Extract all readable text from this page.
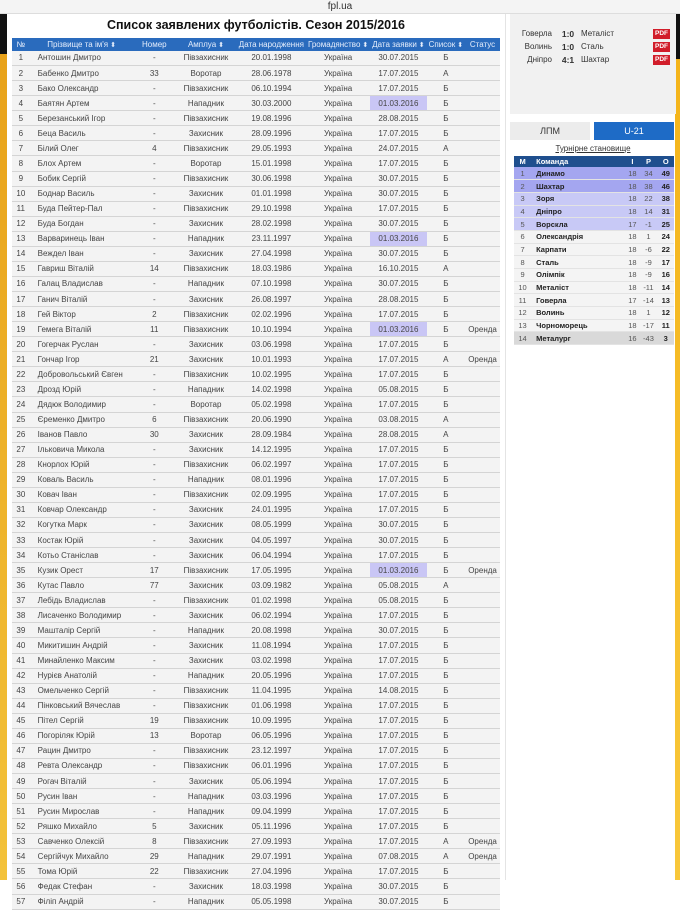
fpl.ua
Список заявлених футболістів. Сезон 2015/2016
№	Прізвище та ім'я ⬍	Номер	Амплуа ⬍	Дата народження	Громадянство ⬍	Дата заявки ⬍	Список ⬍	Статус
1	Антошин Дмитро	-	Півзахисник	20.01.1998	Україна	30.07.2015	Б	
2	Бабенко Дмитро	33	Воротар	28.06.1978	Україна	17.07.2015	А	
3	Бако Олександр	-	Півзахисник	06.10.1994	Україна	17.07.2015	Б	
4	Баятян Артем	-	Нападник	30.03.2000	Україна	01.03.2016	Б	
5	Березанський Ігор	-	Півзахисник	19.08.1996	Україна	28.08.2015	Б	
6	Беца Василь	-	Захисник	28.09.1996	Україна	17.07.2015	Б	
7	Білий Олег	4	Півзахисник	29.05.1993	Україна	24.07.2015	А	
8	Блох Артем	-	Воротар	15.01.1998	Україна	17.07.2015	Б	
9	Бобик Сергій	-	Півзахисник	30.06.1998	Україна	30.07.2015	Б	
10	Боднар Василь	-	Захисник	01.01.1998	Україна	30.07.2015	Б	
11	Буда Пейтер-Пал	-	Півзахисник	29.10.1998	Україна	17.07.2015	Б	
12	Буда Богдан	-	Захисник	28.02.1998	Україна	30.07.2015	Б	
13	Варваринець Іван	-	Нападник	23.11.1997	Україна	01.03.2016	Б	
14	Веждел Іван	-	Захисник	27.04.1998	Україна	30.07.2015	Б	
15	Гавриш Віталій	14	Півзахисник	18.03.1986	Україна	16.10.2015	А	
16	Галац Владислав	-	Нападник	07.10.1998	Україна	30.07.2015	Б	
17	Ганич Віталій	-	Захисник	26.08.1997	Україна	28.08.2015	Б	
18	Гей Віктор	2	Півзахисник	02.02.1996	Україна	17.07.2015	Б	
19	Гемега Віталій	11	Півзахисник	10.10.1994	Україна	01.03.2016	Б	Оренда
20	Гогерчак Руслан	-	Захисник	03.06.1998	Україна	17.07.2015	Б	
21	Гончар Ігор	21	Захисник	10.01.1993	Україна	17.07.2015	А	Оренда
22	Добровольський Євген	-	Півзахисник	10.02.1995	Україна	17.07.2015	Б	
23	Дрозд Юрій	-	Нападник	14.02.1998	Україна	05.08.2015	Б	
24	Дядюк Володимир	-	Воротар	05.02.1998	Україна	17.07.2015	Б	
25	Єременко Дмитро	6	Півзахисник	20.06.1990	Україна	03.08.2015	А	
26	Іванов Павло	30	Захисник	28.09.1984	Україна	28.08.2015	А	
27	Ільковича Микола	-	Захисник	14.12.1995	Україна	17.07.2015	Б	
28	Кнорлох Юрій	-	Півзахисник	06.02.1997	Україна	17.07.2015	Б	
29	Коваль Василь	-	Нападник	08.01.1996	Україна	17.07.2015	Б	
30	Ковач Іван	-	Півзахисник	02.09.1995	Україна	17.07.2015	Б	
31	Ковчар Олександр	-	Захисник	24.01.1995	Україна	17.07.2015	Б	
32	Когутка Марк	-	Захисник	08.05.1999	Україна	30.07.2015	Б	
33	Костак Юрій	-	Захисник	04.05.1997	Україна	30.07.2015	Б	
34	Котьо Станіслав	-	Захисник	06.04.1994	Україна	17.07.2015	Б	
35	Кузик Орест	17	Півзахисник	17.05.1995	Україна	01.03.2016	Б	Оренда
36	Кутас Павло	77	Захисник	03.09.1982	Україна	05.08.2015	А	
37	Лебідь Владислав	-	Півзахисник	01.02.1998	Україна	05.08.2015	Б	
38	Лисаченко Володимир	-	Захисник	06.02.1994	Україна	17.07.2015	Б	
39	Машталір Сергій	-	Нападник	20.08.1998	Україна	30.07.2015	Б	
40	Микитишин Андрій	-	Захисник	11.08.1994	Україна	17.07.2015	Б	
41	Минайленко Максим	-	Захисник	03.02.1998	Україна	17.07.2015	Б	
42	Нурієв Анатолій	-	Нападник	20.05.1996	Україна	17.07.2015	Б	
43	Омельченко Сергій	-	Півзахисник	11.04.1995	Україна	14.08.2015	Б	
44	Пінковський Вячеслав	-	Півзахисник	01.06.1998	Україна	17.07.2015	Б	
45	Пітел Сергій	19	Півзахисник	10.09.1995	Україна	17.07.2015	Б	
46	Погоріляк Юрій	13	Воротар	06.05.1996	Україна	17.07.2015	Б	
47	Рацин Дмитро	-	Півзахисник	23.12.1997	Україна	17.07.2015	Б	
48	Ревта Олександр	-	Півзахисник	06.01.1996	Україна	17.07.2015	Б	
49	Рогач Віталій	-	Захисник	05.06.1994	Україна	17.07.2015	Б	
50	Русин Іван	-	Нападник	03.03.1996	Україна	17.07.2015	Б	
51	Русин Мирослав	-	Нападник	09.04.1999	Україна	17.07.2015	Б	
52	Ряшко Михайло	5	Захисник	05.11.1996	Україна	17.07.2015	Б	
53	Савченко Олексій	8	Півзахисник	27.09.1993	Україна	17.07.2015	А	Оренда
54	Сергійчук Михайло	29	Нападник	29.07.1991	Україна	07.08.2015	А	Оренда
55	Тома Юрій	22	Півзахисник	27.04.1996	Україна	17.07.2015	Б	
56	Федак Стефан	-	Захисник	18.03.1998	Україна	30.07.2015	Б	
57	Філіп Андрій	-	Нападник	05.05.1998	Україна	30.07.2015	Б	
Говерла	1:0 Металіст	PDF
Волинь	1:0 Сталь	PDF
Дніпро	4:1 Шахтар	PDF
ЛПМ	U-21
Турнірне становище
М	Команда	І	Р	О
1	Динамо	18	34	49
2	Шахтар	18	38	46
3	Зоря	18	22	38
4	Дніпро	18	14	31
5	Ворскла	17	-1	25
6	Олександрія	18	1	24
7	Карпати	18	-6	22
8	Сталь	18	-9	17
9	Олімпік	18	-9	16
10	Металіст	18	-11	14
11	Говерла	17	-14	13
12	Волинь	18	1	12
13	Чорноморець	18	-17	11
14	Металург	16	-43	3
